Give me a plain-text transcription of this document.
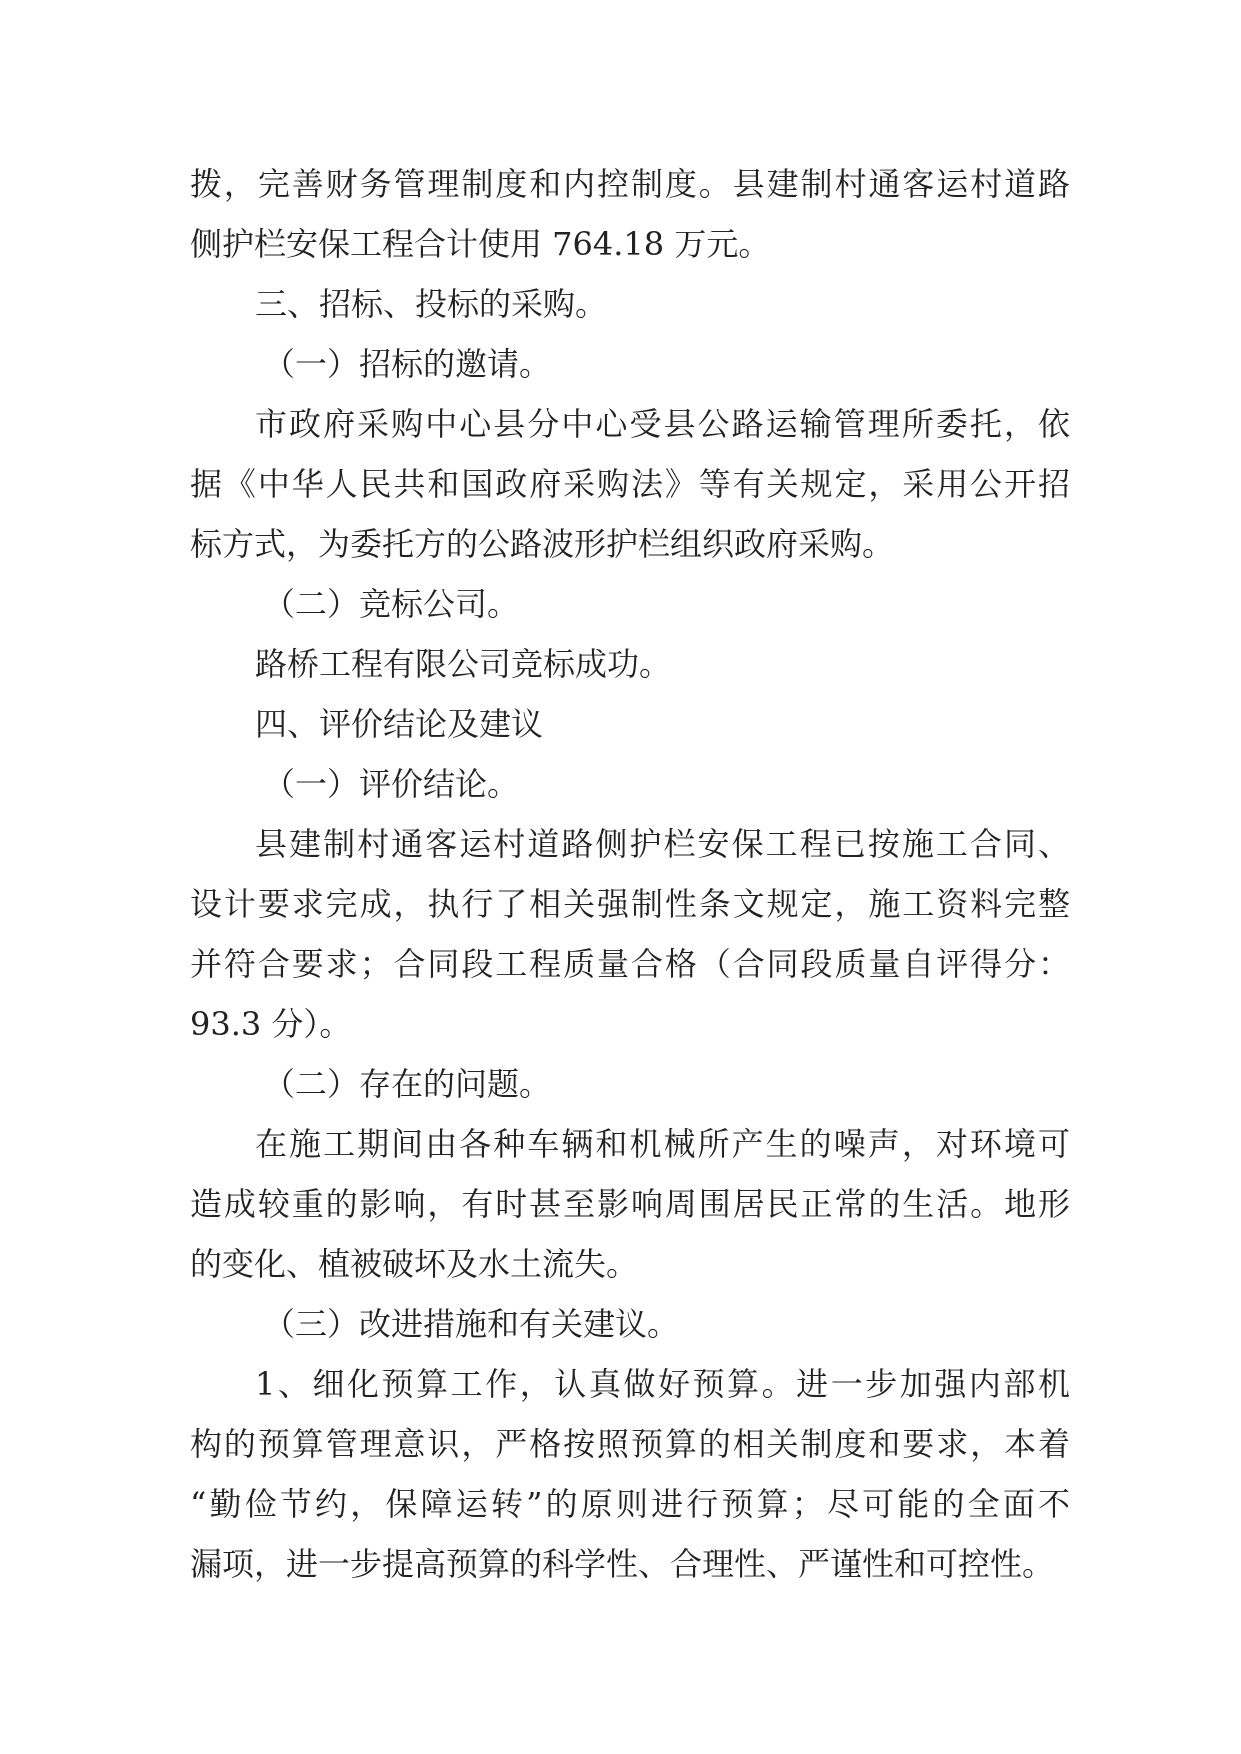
拨，完善财务管理制度和内控制度。县建制村通客运村道路
侧护栏安保工程合计使用 764.18 万元。
三、招标、投标的采购。
（一）招标的邀请。
市政府采购中心县分中心受县公路运输管理所委托，依
据《中华人民共和国政府采购法》等有关规定，采用公开招
标方式，为委托方的公路波形护栏组织政府采购。
（二）竞标公司。
路桥工程有限公司竞标成功。
四、评价结论及建议
（一）评价结论。
县建制村通客运村道路侧护栏安保工程已按施工合同、
设计要求完成，执行了相关强制性条文规定，施工资料完整
并符合要求；合同段工程质量合格（合同段质量自评得分：
93.3 分）。
（二）存在的问题。
在施工期间由各种车辆和机械所产生的噪声，对环境可
造成较重的影响，有时甚至影响周围居民正常的生活。地形
的变化、植被破坏及水土流失。
（三）改进措施和有关建议。
1、细化预算工作，认真做好预算。进一步加强内部机
构的预算管理意识，严格按照预算的相关制度和要求，本着
“勤俭节约，保障运转”的原则进行预算；尽可能的全面不
漏项，进一步提高预算的科学性、合理性、严谨性和可控性。
